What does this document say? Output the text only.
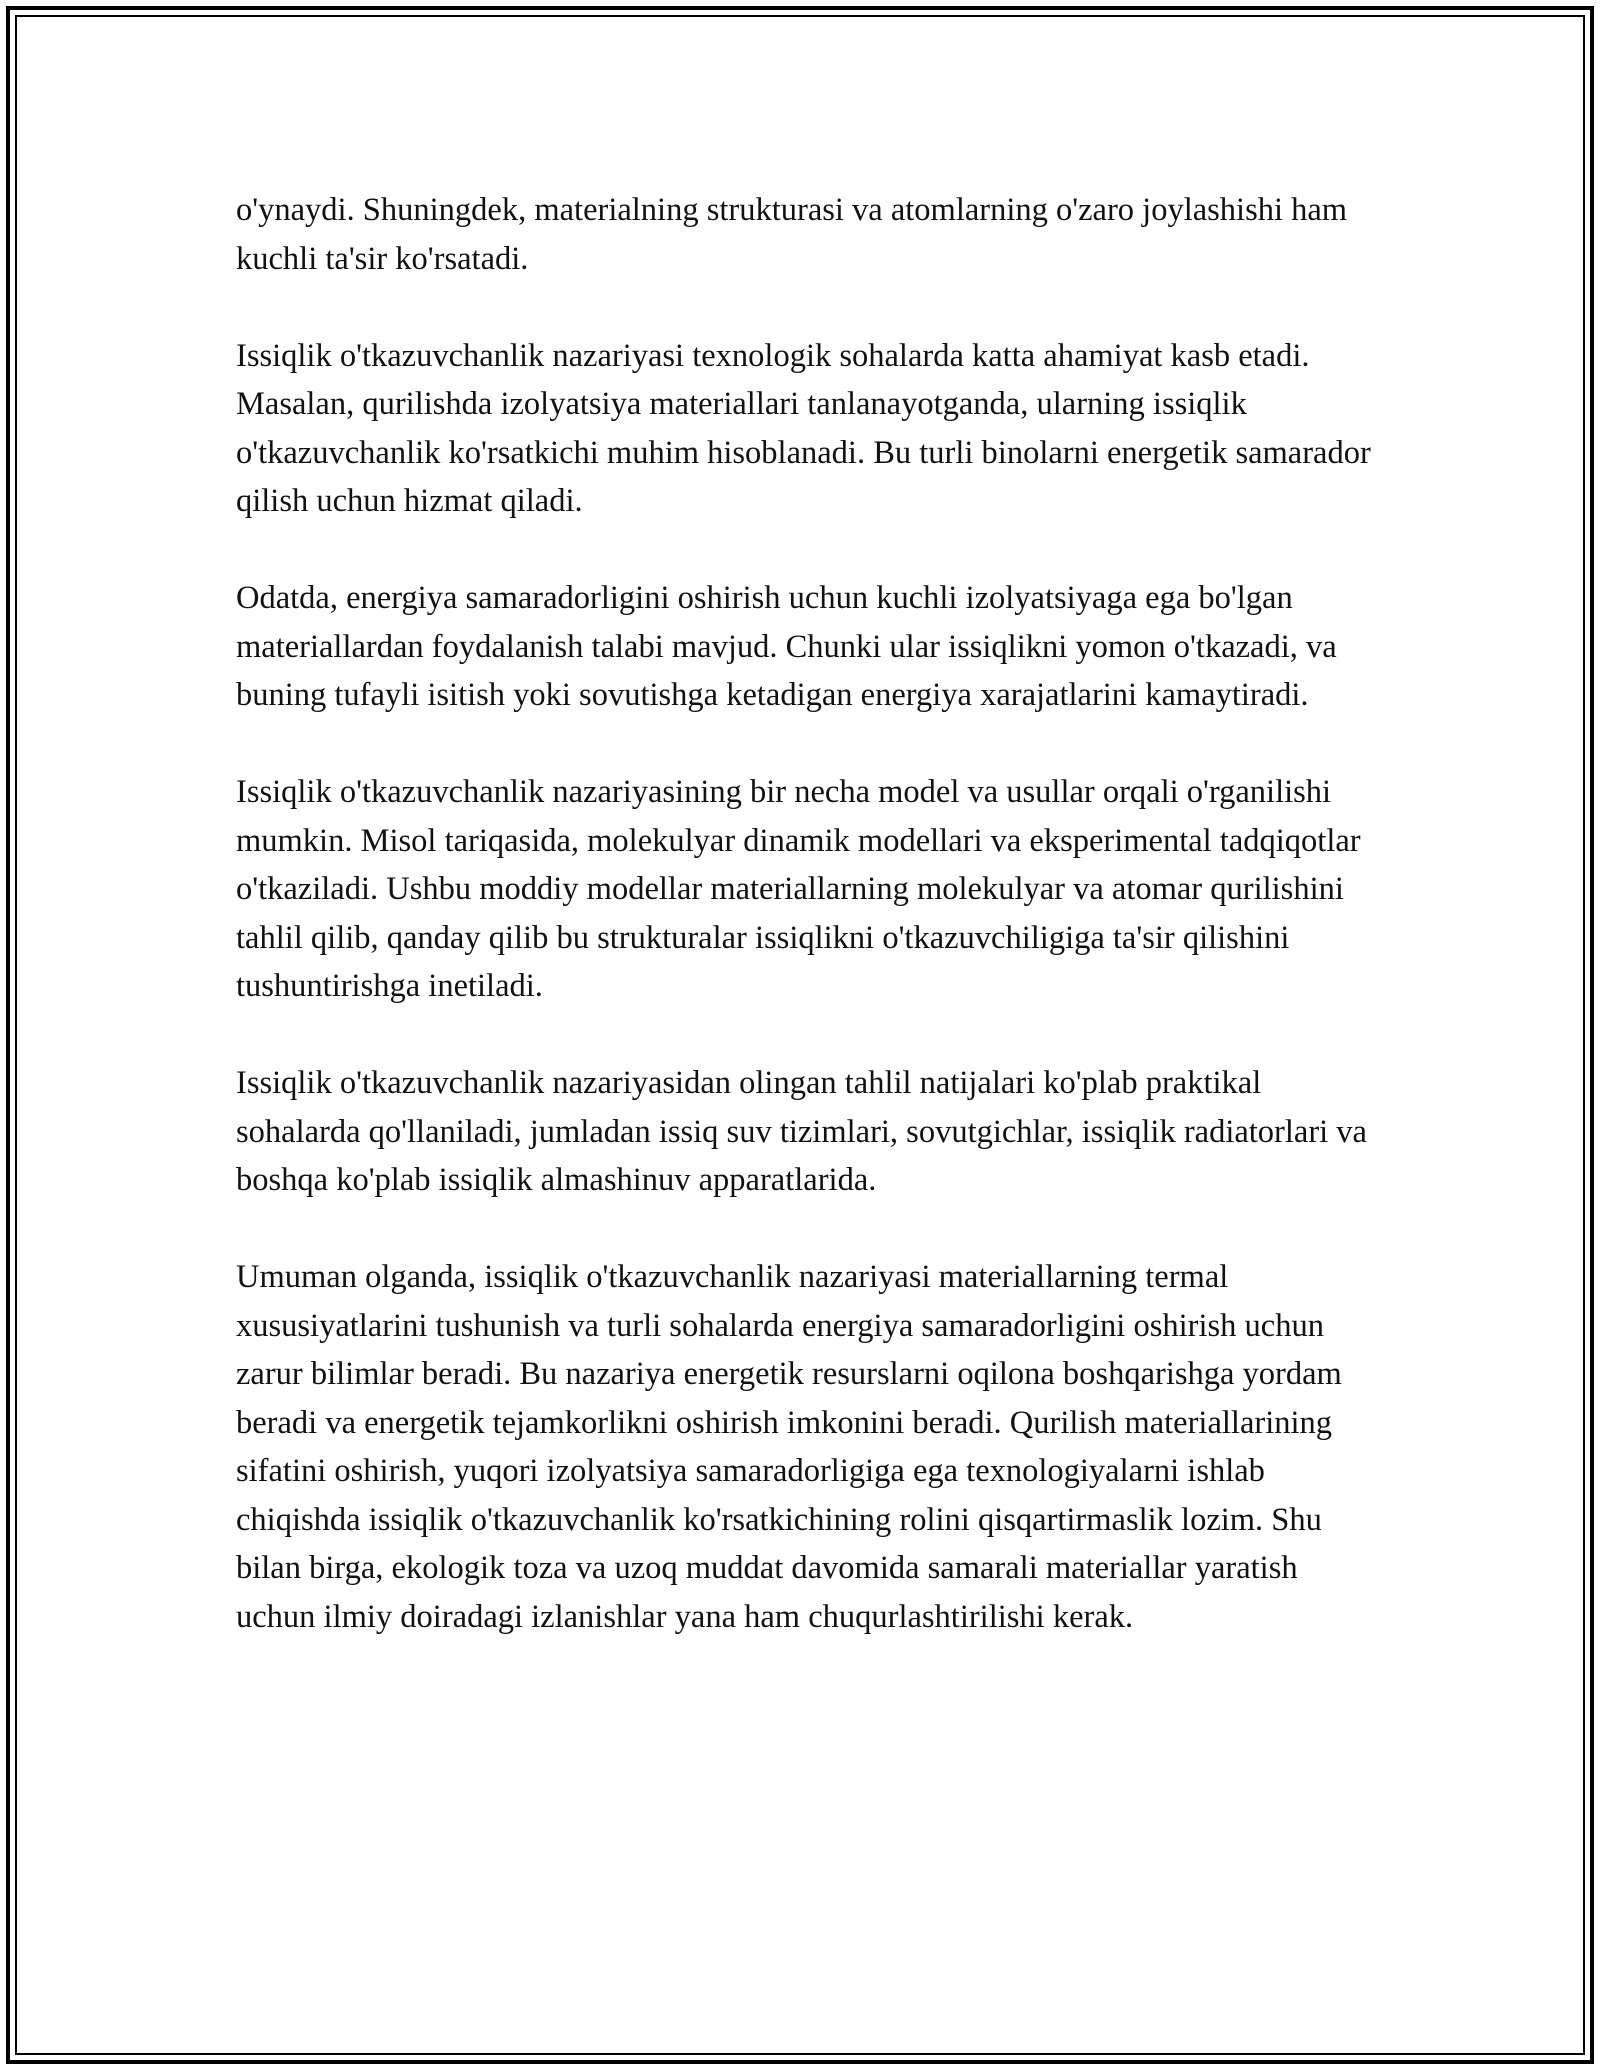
o'ynaydi. Shuningdek, materialning strukturasi va atomlarning o'zaro joylashishi ham kuchli ta'sir ko'rsatadi.

Issiqlik o'tkazuvchanlik nazariyasi texnologik sohalarda katta ahamiyat kasb etadi. Masalan, qurilishda izolyatsiya materiallari tanlanayotganda, ularning issiqlik o'tkazuvchanlik ko'rsatkichi muhim hisoblanadi. Bu turli binolarni energetik samarador qilish uchun hizmat qiladi.

Odatda, energiya samaradorligini oshirish uchun kuchli izolyatsiyaga ega bo'lgan materiallardan foydalanish talabi mavjud. Chunki ular issiqlikni yomon o'tkazadi, va buning tufayli isitish yoki sovutishga ketadigan energiya xarajatlarini kamaytiradi.

Issiqlik o'tkazuvchanlik nazariyasining bir necha model va usullar orqali o'rganilishi mumkin. Misol tariqasida, molekulyar dinamik modellari va eksperimental tadqiqotlar o'tkaziladi. Ushbu moddiy modellar materiallarning molekulyar va atomar qurilishini tahlil qilib, qanday qilib bu strukturalar issiqlikni o'tkazuvchiligiga ta'sir qilishini tushuntirishga inetiladi.

Issiqlik o'tkazuvchanlik nazariyasidan olingan tahlil natijalari ko'plab praktikal sohalarda qo'llaniladi, jumladan issiq suv tizimlari, sovutgichlar, issiqlik radiatorlari va boshqa ko'plab issiqlik almashinuv apparatlarida.

Umuman olganda, issiqlik o'tkazuvchanlik nazariyasi materiallarning termal xususiyatlarini tushunish va turli sohalarda energiya samaradorligini oshirish uchun zarur bilimlar beradi. Bu nazariya energetik resurslarni oqilona boshqarishga yordam beradi va energetik tejamkorlikni oshirish imkonini beradi. Qurilish materiallarining sifatini oshirish, yuqori izolyatsiya samaradorligiga ega texnologiyalarni ishlab chiqishda issiqlik o'tkazuvchanlik ko'rsatkichining rolini qisqartirmaslik lozim. Shu bilan birga, ekologik toza va uzoq muddat davomida samarali materiallar yaratish uchun ilmiy doiradagi izlanishlar yana ham chuqurlashtirilishi kerak.
